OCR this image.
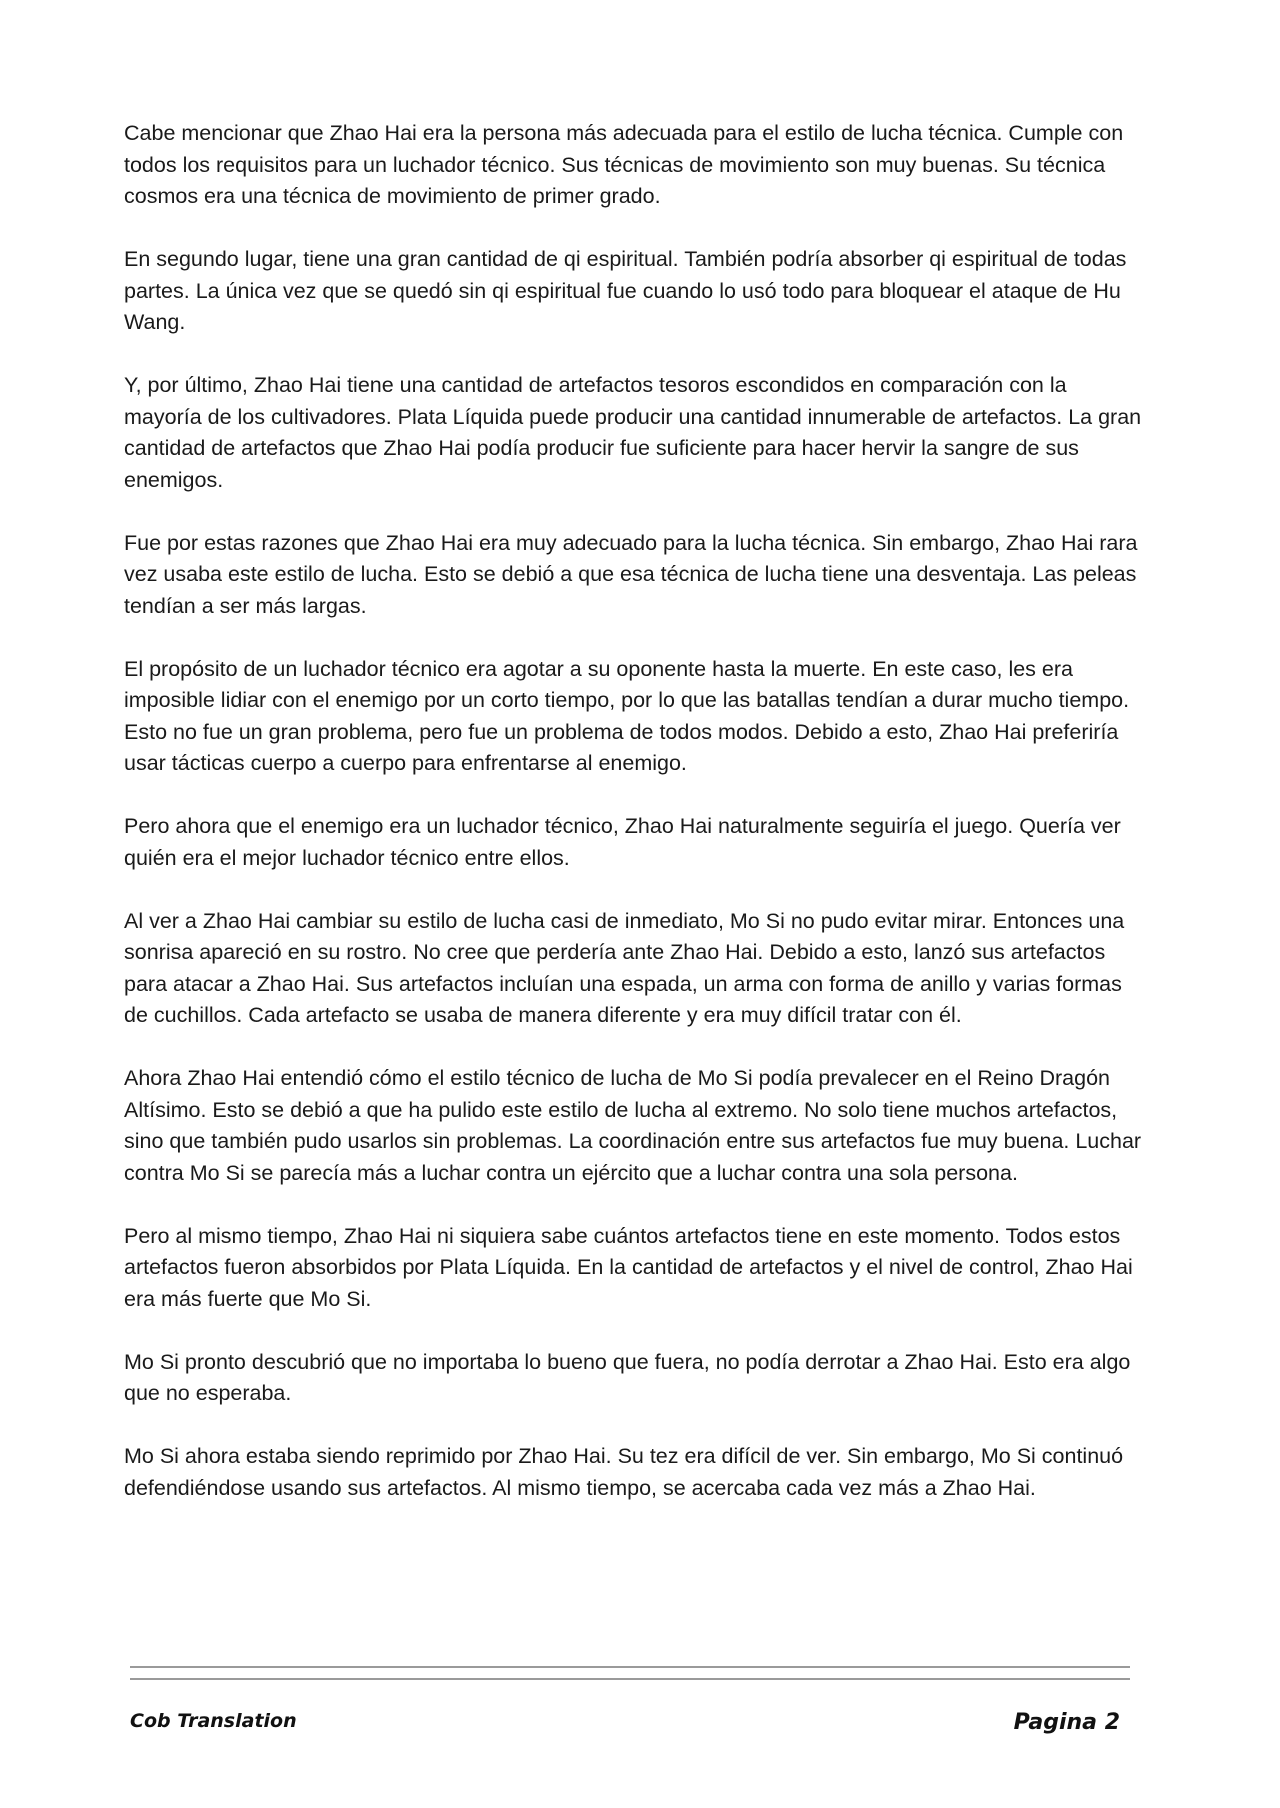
Cabe mencionar que Zhao Hai era la persona más adecuada para el estilo de lucha técnica. Cumple con todos los requisitos para un luchador técnico. Sus técnicas de movimiento son muy buenas. Su técnica cosmos era una técnica de movimiento de primer grado.

En segundo lugar, tiene una gran cantidad de qi espiritual. También podría absorber qi espiritual de todas partes. La única vez que se quedó sin qi espiritual fue cuando lo usó todo para bloquear el ataque de Hu Wang.

Y, por último, Zhao Hai tiene una cantidad de artefactos tesoros escondidos en comparación con la mayoría de los cultivadores. Plata Líquida puede producir una cantidad innumerable de artefactos. La gran cantidad de artefactos que Zhao Hai podía producir fue suficiente para hacer hervir la sangre de sus enemigos.

Fue por estas razones que Zhao Hai era muy adecuado para la lucha técnica. Sin embargo, Zhao Hai rara vez usaba este estilo de lucha. Esto se debió a que esa técnica de lucha tiene una desventaja. Las peleas tendían a ser más largas.

El propósito de un luchador técnico era agotar a su oponente hasta la muerte. En este caso, les era imposible lidiar con el enemigo por un corto tiempo, por lo que las batallas tendían a durar mucho tiempo. Esto no fue un gran problema, pero fue un problema de todos modos. Debido a esto, Zhao Hai preferiría usar tácticas cuerpo a cuerpo para enfrentarse al enemigo.

Pero ahora que el enemigo era un luchador técnico, Zhao Hai naturalmente seguiría el juego. Quería ver quién era el mejor luchador técnico entre ellos.

Al ver a Zhao Hai cambiar su estilo de lucha casi de inmediato, Mo Si no pudo evitar mirar. Entonces una sonrisa apareció en su rostro. No cree que perdería ante Zhao Hai. Debido a esto, lanzó sus artefactos para atacar a Zhao Hai. Sus artefactos incluían una espada, un arma con forma de anillo y varias formas de cuchillos. Cada artefacto se usaba de manera diferente y era muy difícil tratar con él.

Ahora Zhao Hai entendió cómo el estilo técnico de lucha de Mo Si podía prevalecer en el Reino Dragón Altísimo. Esto se debió a que ha pulido este estilo de lucha al extremo. No solo tiene muchos artefactos, sino que también pudo usarlos sin problemas. La coordinación entre sus artefactos fue muy buena. Luchar contra Mo Si se parecía más a luchar contra un ejército que a luchar contra una sola persona.

Pero al mismo tiempo, Zhao Hai ni siquiera sabe cuántos artefactos tiene en este momento. Todos estos artefactos fueron absorbidos por Plata Líquida. En la cantidad de artefactos y el nivel de control, Zhao Hai era más fuerte que Mo Si.

Mo Si pronto descubrió que no importaba lo bueno que fuera, no podía derrotar a Zhao Hai. Esto era algo que no esperaba.

Mo Si ahora estaba siendo reprimido por Zhao Hai. Su tez era difícil de ver. Sin embargo, Mo Si continuó defendiéndose usando sus artefactos. Al mismo tiempo, se acercaba cada vez más a Zhao Hai.

Cob Translation	Pagina 2
